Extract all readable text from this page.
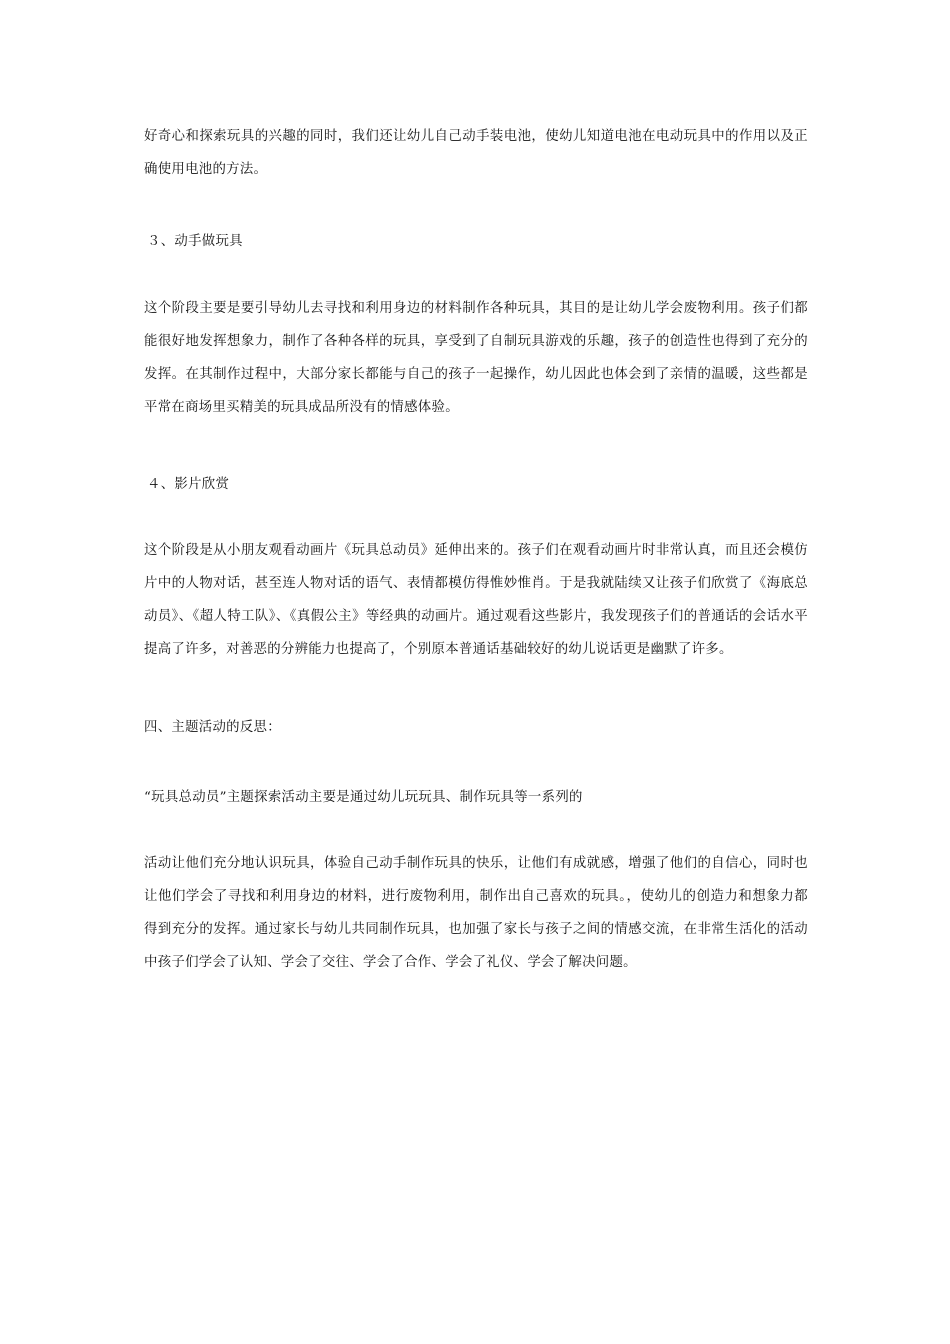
好奇心和探索玩具的兴趣的同时，我们还让幼儿自己动手装电池，使幼儿知道电池在电动玩具中的作用以及正确使用电池的方法。

３、动手做玩具

这个阶段主要是要引导幼儿去寻找和利用身边的材料制作各种玩具，其目的是让幼儿学会废物利用。孩子们都能很好地发挥想象力，制作了各种各样的玩具，享受到了自制玩具游戏的乐趣，孩子的创造性也得到了充分的发挥。在其制作过程中，大部分家长都能与自己的孩子一起操作，幼儿因此也体会到了亲情的温暖，这些都是平常在商场里买精美的玩具成品所没有的情感体验。

４、影片欣赏

这个阶段是从小朋友观看动画片《玩具总动员》延伸出来的。孩子们在观看动画片时非常认真，而且还会模仿片中的人物对话，甚至连人物对话的语气、表情都模仿得惟妙惟肖。于是我就陆续又让孩子们欣赏了《海底总动员》、《超人特工队》、《真假公主》等经典的动画片。通过观看这些影片，我发现孩子们的普通话的会话水平提高了许多，对善恶的分辨能力也提高了，个别原本普通话基础较好的幼儿说话更是幽默了许多。

四、主题活动的反思：

“玩具总动员”主题探索活动主要是通过幼儿玩玩具、制作玩具等一系列的

活动让他们充分地认识玩具，体验自己动手制作玩具的快乐，让他们有成就感，增强了他们的自信心，同时也让他们学会了寻找和利用身边的材料，进行废物利用，制作出自己喜欢的玩具。，使幼儿的创造力和想象力都得到充分的发挥。通过家长与幼儿共同制作玩具，也加强了家长与孩子之间的情感交流，在非常生活化的活动中孩子们学会了认知、学会了交往、学会了合作、学会了礼仪、学会了解决问题。
